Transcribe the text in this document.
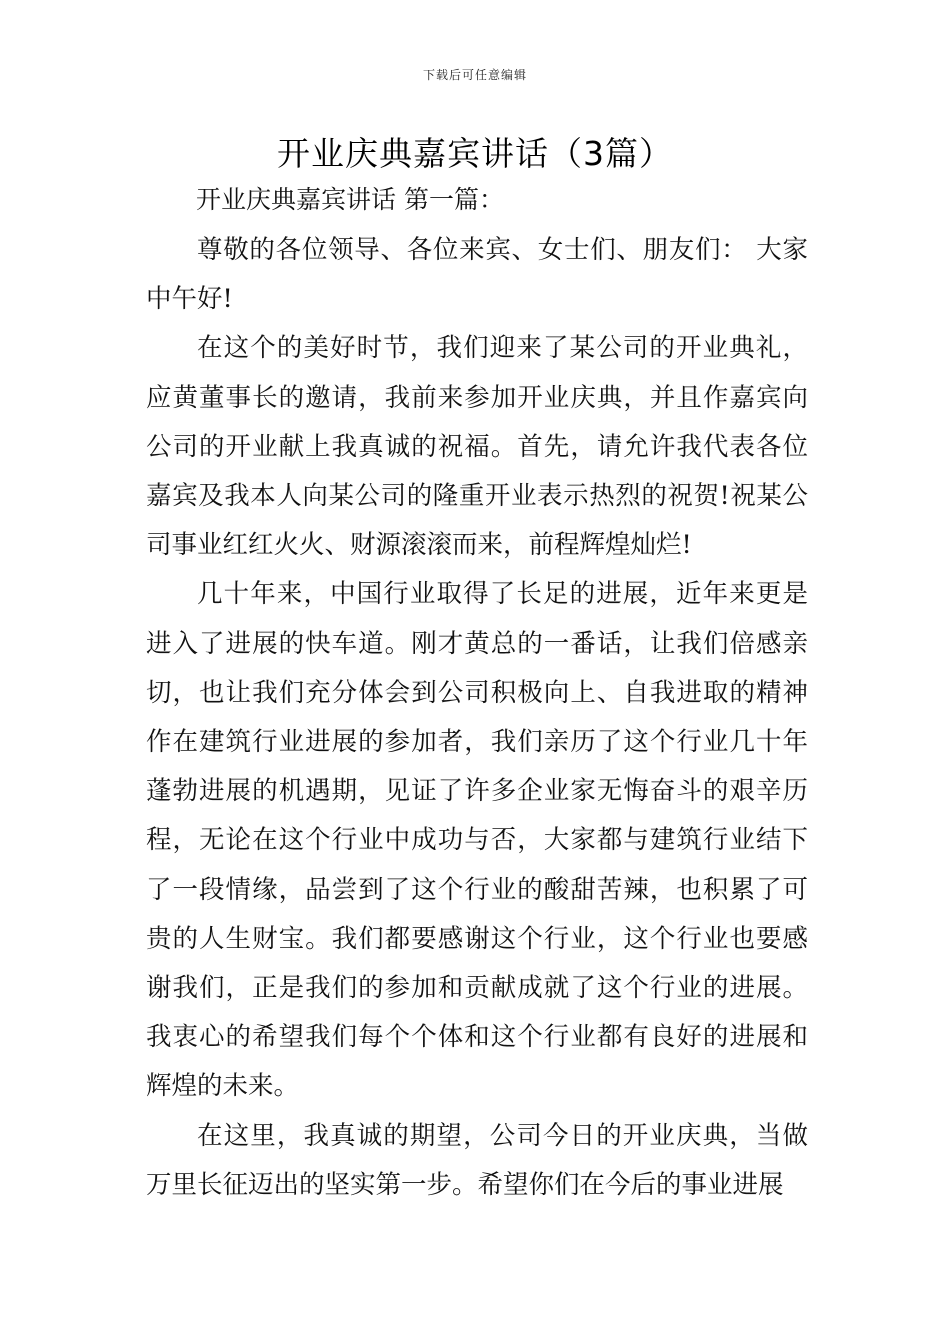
下载后可任意编辑
开业庆典嘉宾讲话（3篇）
开业庆典嘉宾讲话 第一篇：

尊敬的各位领导、各位来宾、女士们、朋友们： 大家中午好!

在这个的美好时节，我们迎来了某公司的开业典礼，应黄董事长的邀请，我前来参加开业庆典，并且作嘉宾向公司的开业献上我真诚的祝福。首先，请允许我代表各位嘉宾及我本人向某公司的隆重开业表示热烈的祝贺!祝某公司事业红红火火、财源滚滚而来，前程辉煌灿烂!

几十年来，中国行业取得了长足的进展，近年来更是进入了进展的快车道。刚才黄总的一番话，让我们倍感亲切，也让我们充分体会到公司积极向上、自我进取的精神作在建筑行业进展的参加者，我们亲历了这个行业几十年蓬勃进展的机遇期，见证了许多企业家无悔奋斗的艰辛历程，无论在这个行业中成功与否，大家都与建筑行业结下了一段情缘，品尝到了这个行业的酸甜苦辣，也积累了可贵的人生财宝。我们都要感谢这个行业，这个行业也要感谢我们，正是我们的参加和贡献成就了这个行业的进展。我衷心的希望我们每个个体和这个行业都有良好的进展和辉煌的未来。

在这里，我真诚的期望，公司今日的开业庆典，当做万里长征迈出的坚实第一步。希望你们在今后的事业进展
